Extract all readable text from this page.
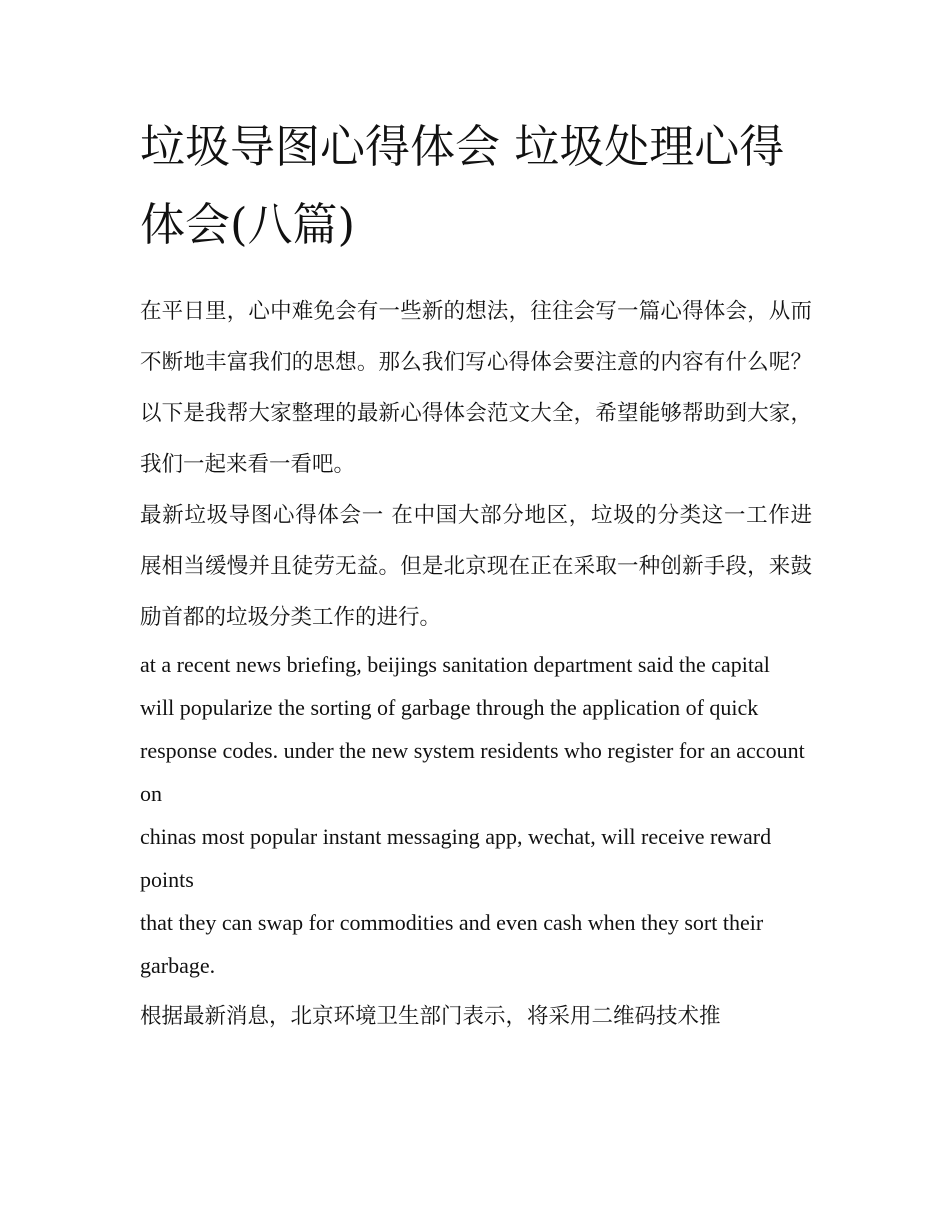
垃圾导图心得体会 垃圾处理心得体会(八篇)

在平日里，心中难免会有一些新的想法，往往会写一篇心得体会，从而不断地丰富我们的思想。那么我们写心得体会要注意的内容有什么呢？以下是我帮大家整理的最新心得体会范文大全，希望能够帮助到大家，我们一起来看一看吧。

最新垃圾导图心得体会一 在中国大部分地区，垃圾的分类这一工作进展相当缓慢并且徒劳无益。但是北京现在正在采取一种创新手段，来鼓励首都的垃圾分类工作的进行。

at a recent news briefing, beijings sanitation department said the capital

will popularize the sorting of garbage through the application of quick

response codes. under the new system residents who register for an account on

chinas most popular instant messaging app, wechat, will receive reward points

that they can swap for commodities and even cash when they sort their garbage.

根据最新消息，北京环境卫生部门表示，将采用二维码技术推
